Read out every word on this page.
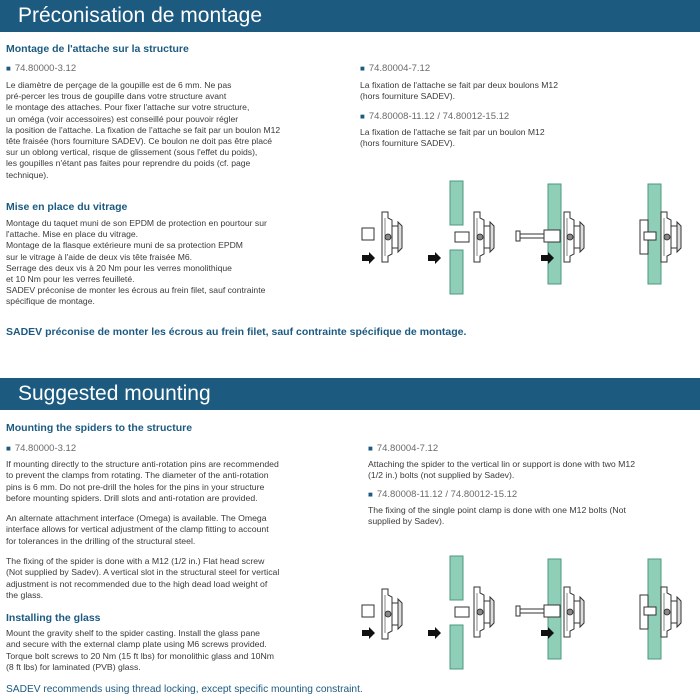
Préconisation de montage
Montage de l'attache sur la structure
■ 74.80000-3.12
Le diamètre de perçage de la goupille est de 6 mm. Ne pas
pré-percer les trous de goupille dans votre structure avant
le montage des attaches. Pour fixer l'attache sur votre structure,
un oméga (voir accessoires) est conseillé pour pouvoir régler
la position de l'attache. La fixation de l'attache se fait par un boulon M12
tête fraisée (hors fourniture SADEV). Ce boulon ne doit pas être placé
sur un oblong vertical, risque de glissement (sous l'effet du poids),
les goupilles n'étant pas faites pour reprendre du poids (cf. page
technique).
■ 74.80004-7.12
La fixation de l'attache se fait par deux boulons M12
(hors fourniture SADEV).
■ 74.80008-11.12 / 74.80012-15.12
La fixation de l'attache se fait par un boulon M12
(hors fourniture SADEV).
Mise en place du vitrage
Montage du taquet muni de son EPDM de protection en pourtour sur
l'attache. Mise en place du vitrage.
Montage de la flasque extérieure muni de sa protection EPDM
sur le vitrage à l'aide de deux vis tête fraisée M6.
Serrage des deux vis à 20 Nm pour les verres monolithique
et 10 Nm pour les verres feuilleté.
SADEV préconise de monter les écrous au frein filet, sauf contrainte
spécifique de montage.
SADEV préconise de monter les écrous au frein filet, sauf contrainte spécifique de montage.
Suggested mounting
Mounting the spiders to the structure
■ 74.80000-3.12
If mounting directly to the structure anti-rotation pins are recommended
to prevent the clamps from rotating. The diameter of the anti-rotation
pins is 6 mm. Do not pre-drill the holes for the pins in your structure
before mounting spiders. Drill slots and anti-rotation are provided.
An alternate attachment interface (Omega) is available. The Omega
interface allows for vertical adjustment of the clamp fitting to account
for tolerances in the drilling of the structural steel.
The fixing of the spider is done with a M12 (1/2 in.) Flat head screw
(Not supplied by Sadev). A vertical slot in the structural steel for vertical
adjustment is not recommended due to the high dead load weight of
the glass.
■ 74.80004-7.12
Attaching the spider to the vertical lin or support is done with two M12
(1/2 in.) bolts (not supplied by Sadev).
■ 74.80008-11.12 / 74.80012-15.12
The fixing of the single point clamp is done with one M12 bolts (Not
supplied by Sadev).
Installing the glass
Mount the gravity shelf to the spider casting. Install the glass pane
and secure with the external clamp plate using M6 screws provided.
Torque bolt screws to 20 Nm (15 ft lbs) for monolithic glass and 10Nm
(8 ft lbs) for laminated (PVB) glass.
SADEV recommends using thread locking, except specific mounting constraint.
